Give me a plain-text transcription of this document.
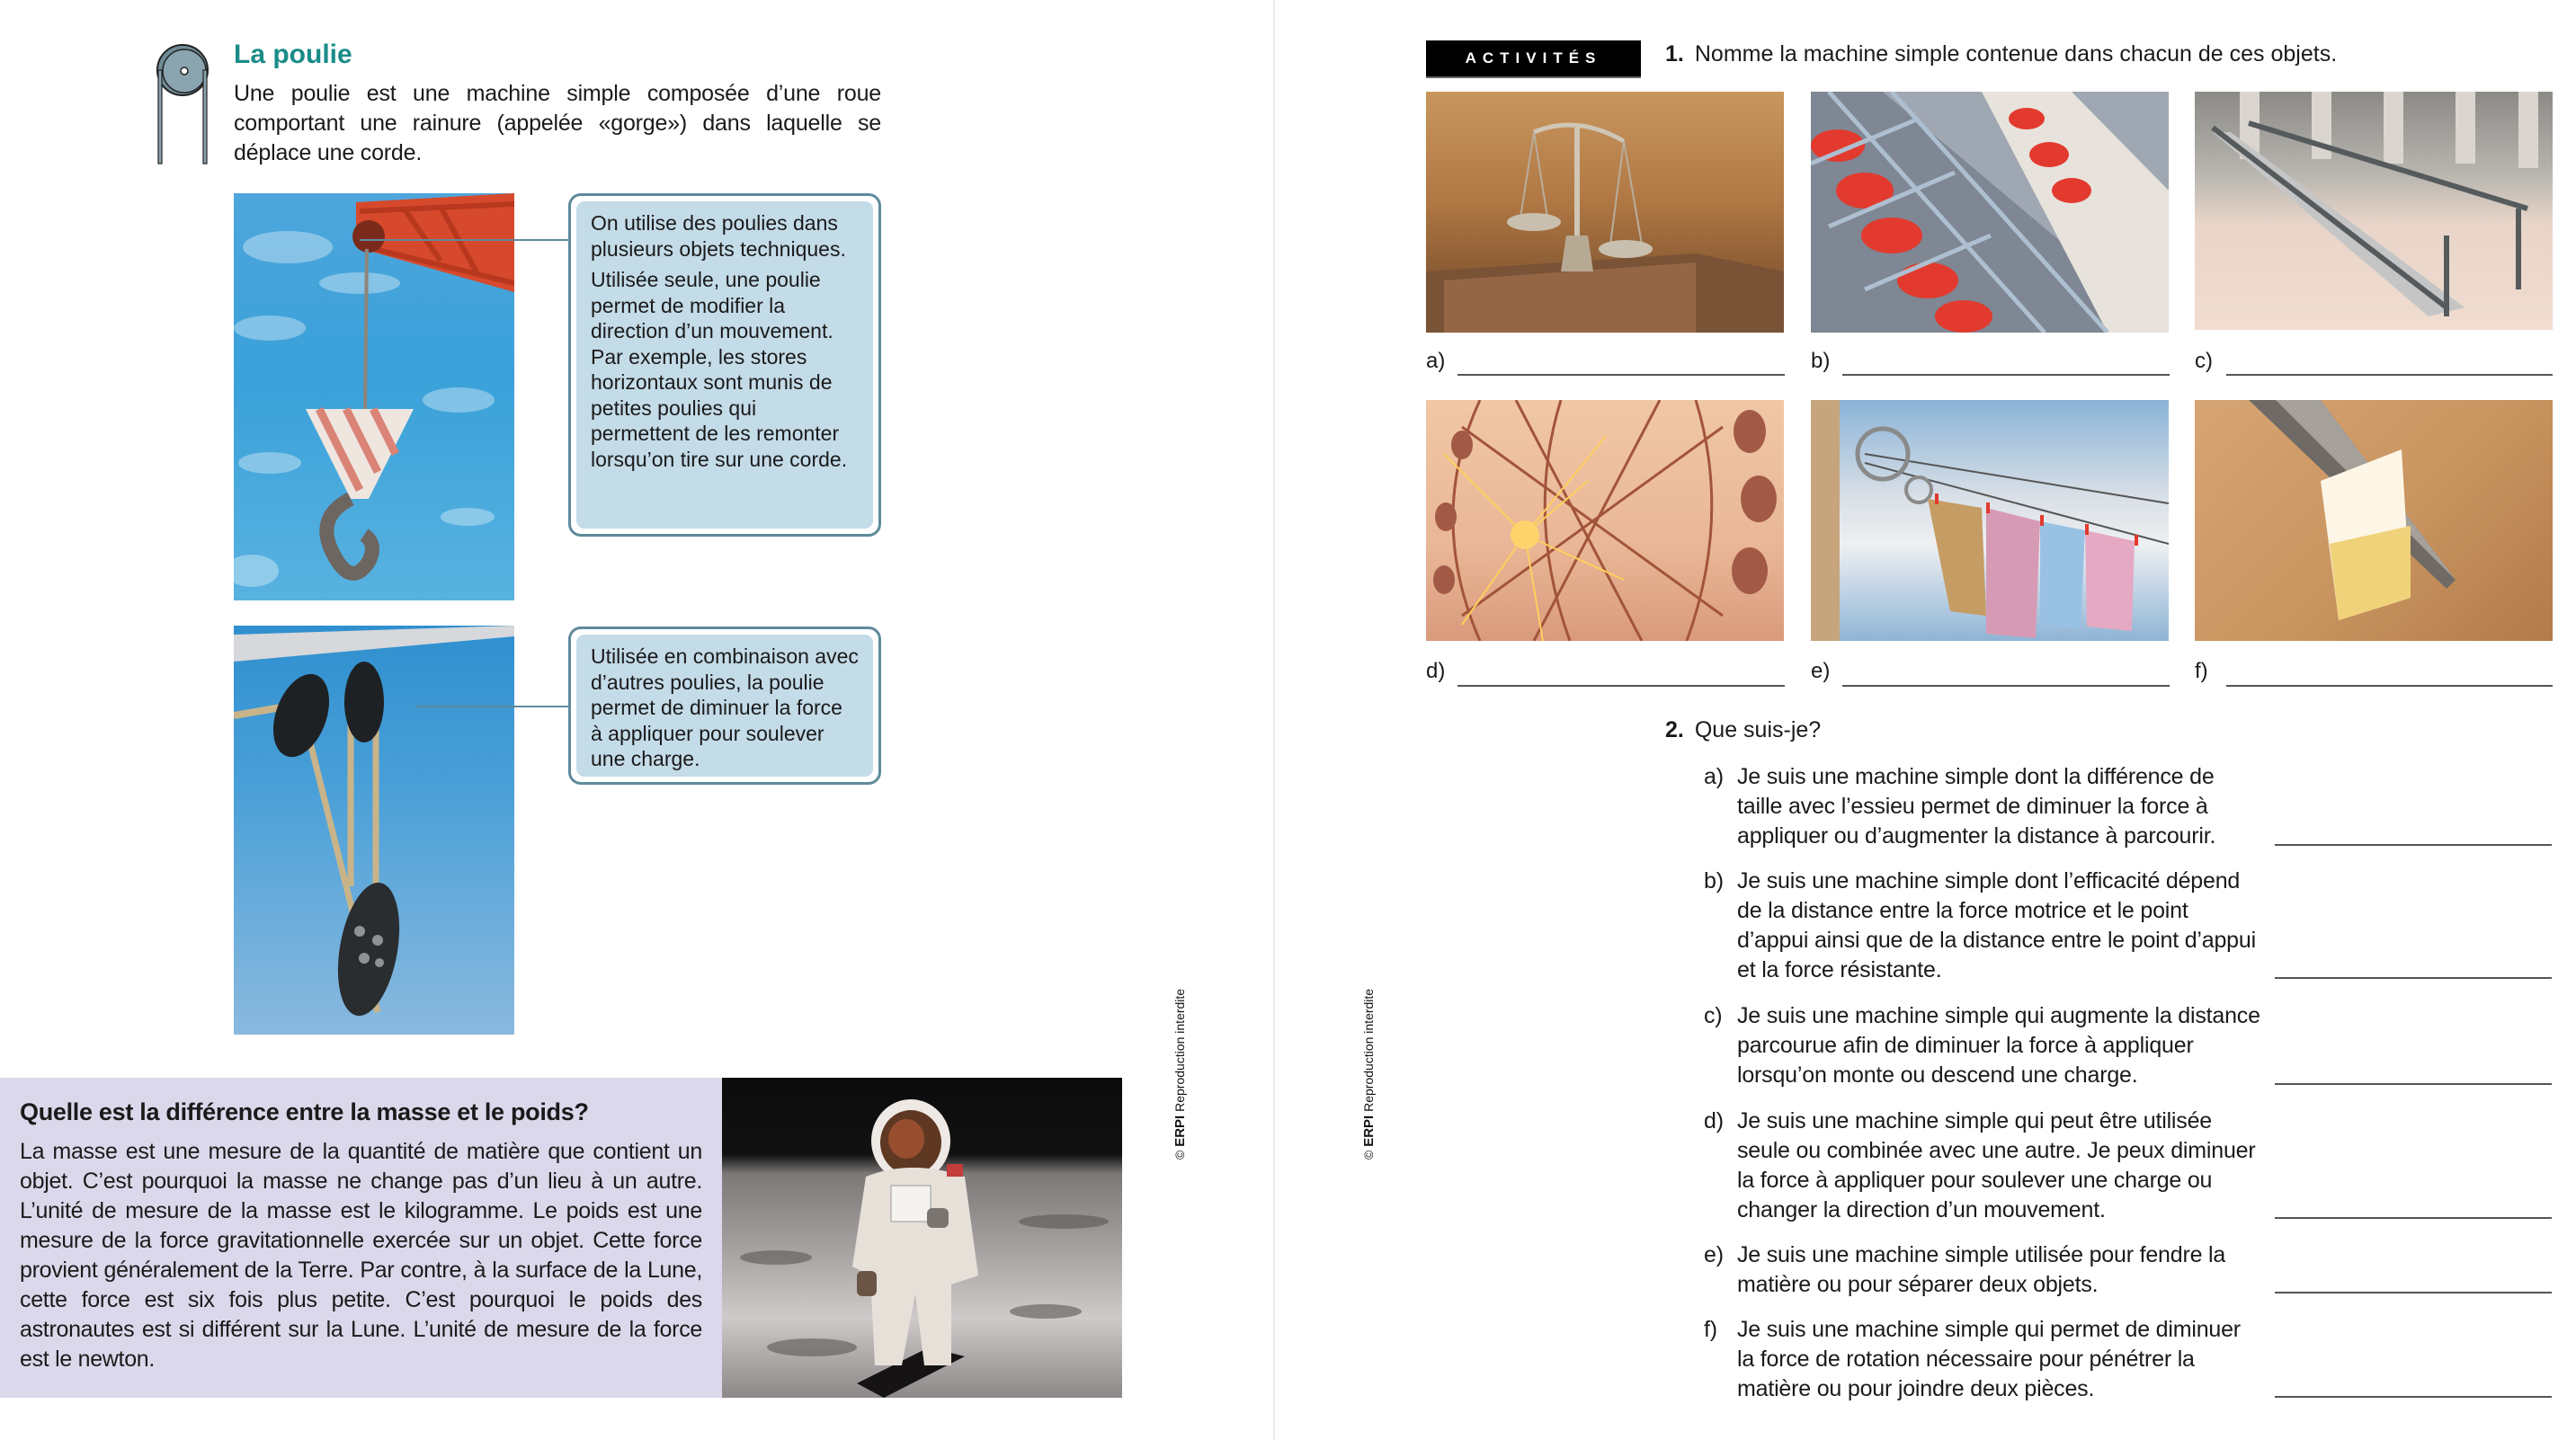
La poulie

Une poulie est une machine simple composée d’une roue comportant une rainure (appelée «gorge») dans laquelle se déplace une corde.

On utilise des poulies dans plusieurs objets techniques.

Utilisée seule, une poulie permet de modifier la direction d’un mouvement. Par exemple, les stores horizontaux sont munis de petites poulies qui permettent de les remonter lorsqu’on tire sur une corde.

Utilisée en combinaison avec d’autres poulies, la poulie permet de diminuer la force à appliquer pour soulever une charge.

Quelle est la différence entre la masse et le poids?

La masse est une mesure de la quantité de matière que contient un objet. C’est pourquoi la masse ne change pas d’un lieu à un autre. L’unité de mesure de la masse est le kilogramme. Le poids est une mesure de la force gravitationnelle exercée sur un objet. Cette force provient généralement de la Terre. Par contre, à la surface de la Lune, cette force est six fois plus petite. C’est pourquoi le poids des astronautes est si différent sur la Lune. L’unité de mesure de la force est le newton.

© ERPI Reproduction interdite
© ERPI Reproduction interdite
ACTIVITÉS	1. Nomme la machine simple contenue dans chacun de ces objets.
a)	b)	c)
d)	e)	f)
2. Que suis-je?
a) Je suis une machine simple dont la différence de taille avec l’essieu permet de diminuer la force à appliquer ou d’augmenter la distance à parcourir.
b) Je suis une machine simple dont l’efficacité dépend de la distance entre la force motrice et le point d’appui ainsi que de la distance entre le point d’appui et la force résistante.
c) Je suis une machine simple qui augmente la distance parcourue afin de diminuer la force à appliquer lorsqu’on monte ou descend une charge.
d) Je suis une machine simple qui peut être utilisée seule ou combinée avec une autre. Je peux diminuer la force à appliquer pour soulever une charge ou changer la direction d’un mouvement.
e) Je suis une machine simple utilisée pour fendre la matière ou pour séparer deux objets.
f) Je suis une machine simple qui permet de diminuer la force de rotation nécessaire pour pénétrer la matière ou pour joindre deux pièces.
